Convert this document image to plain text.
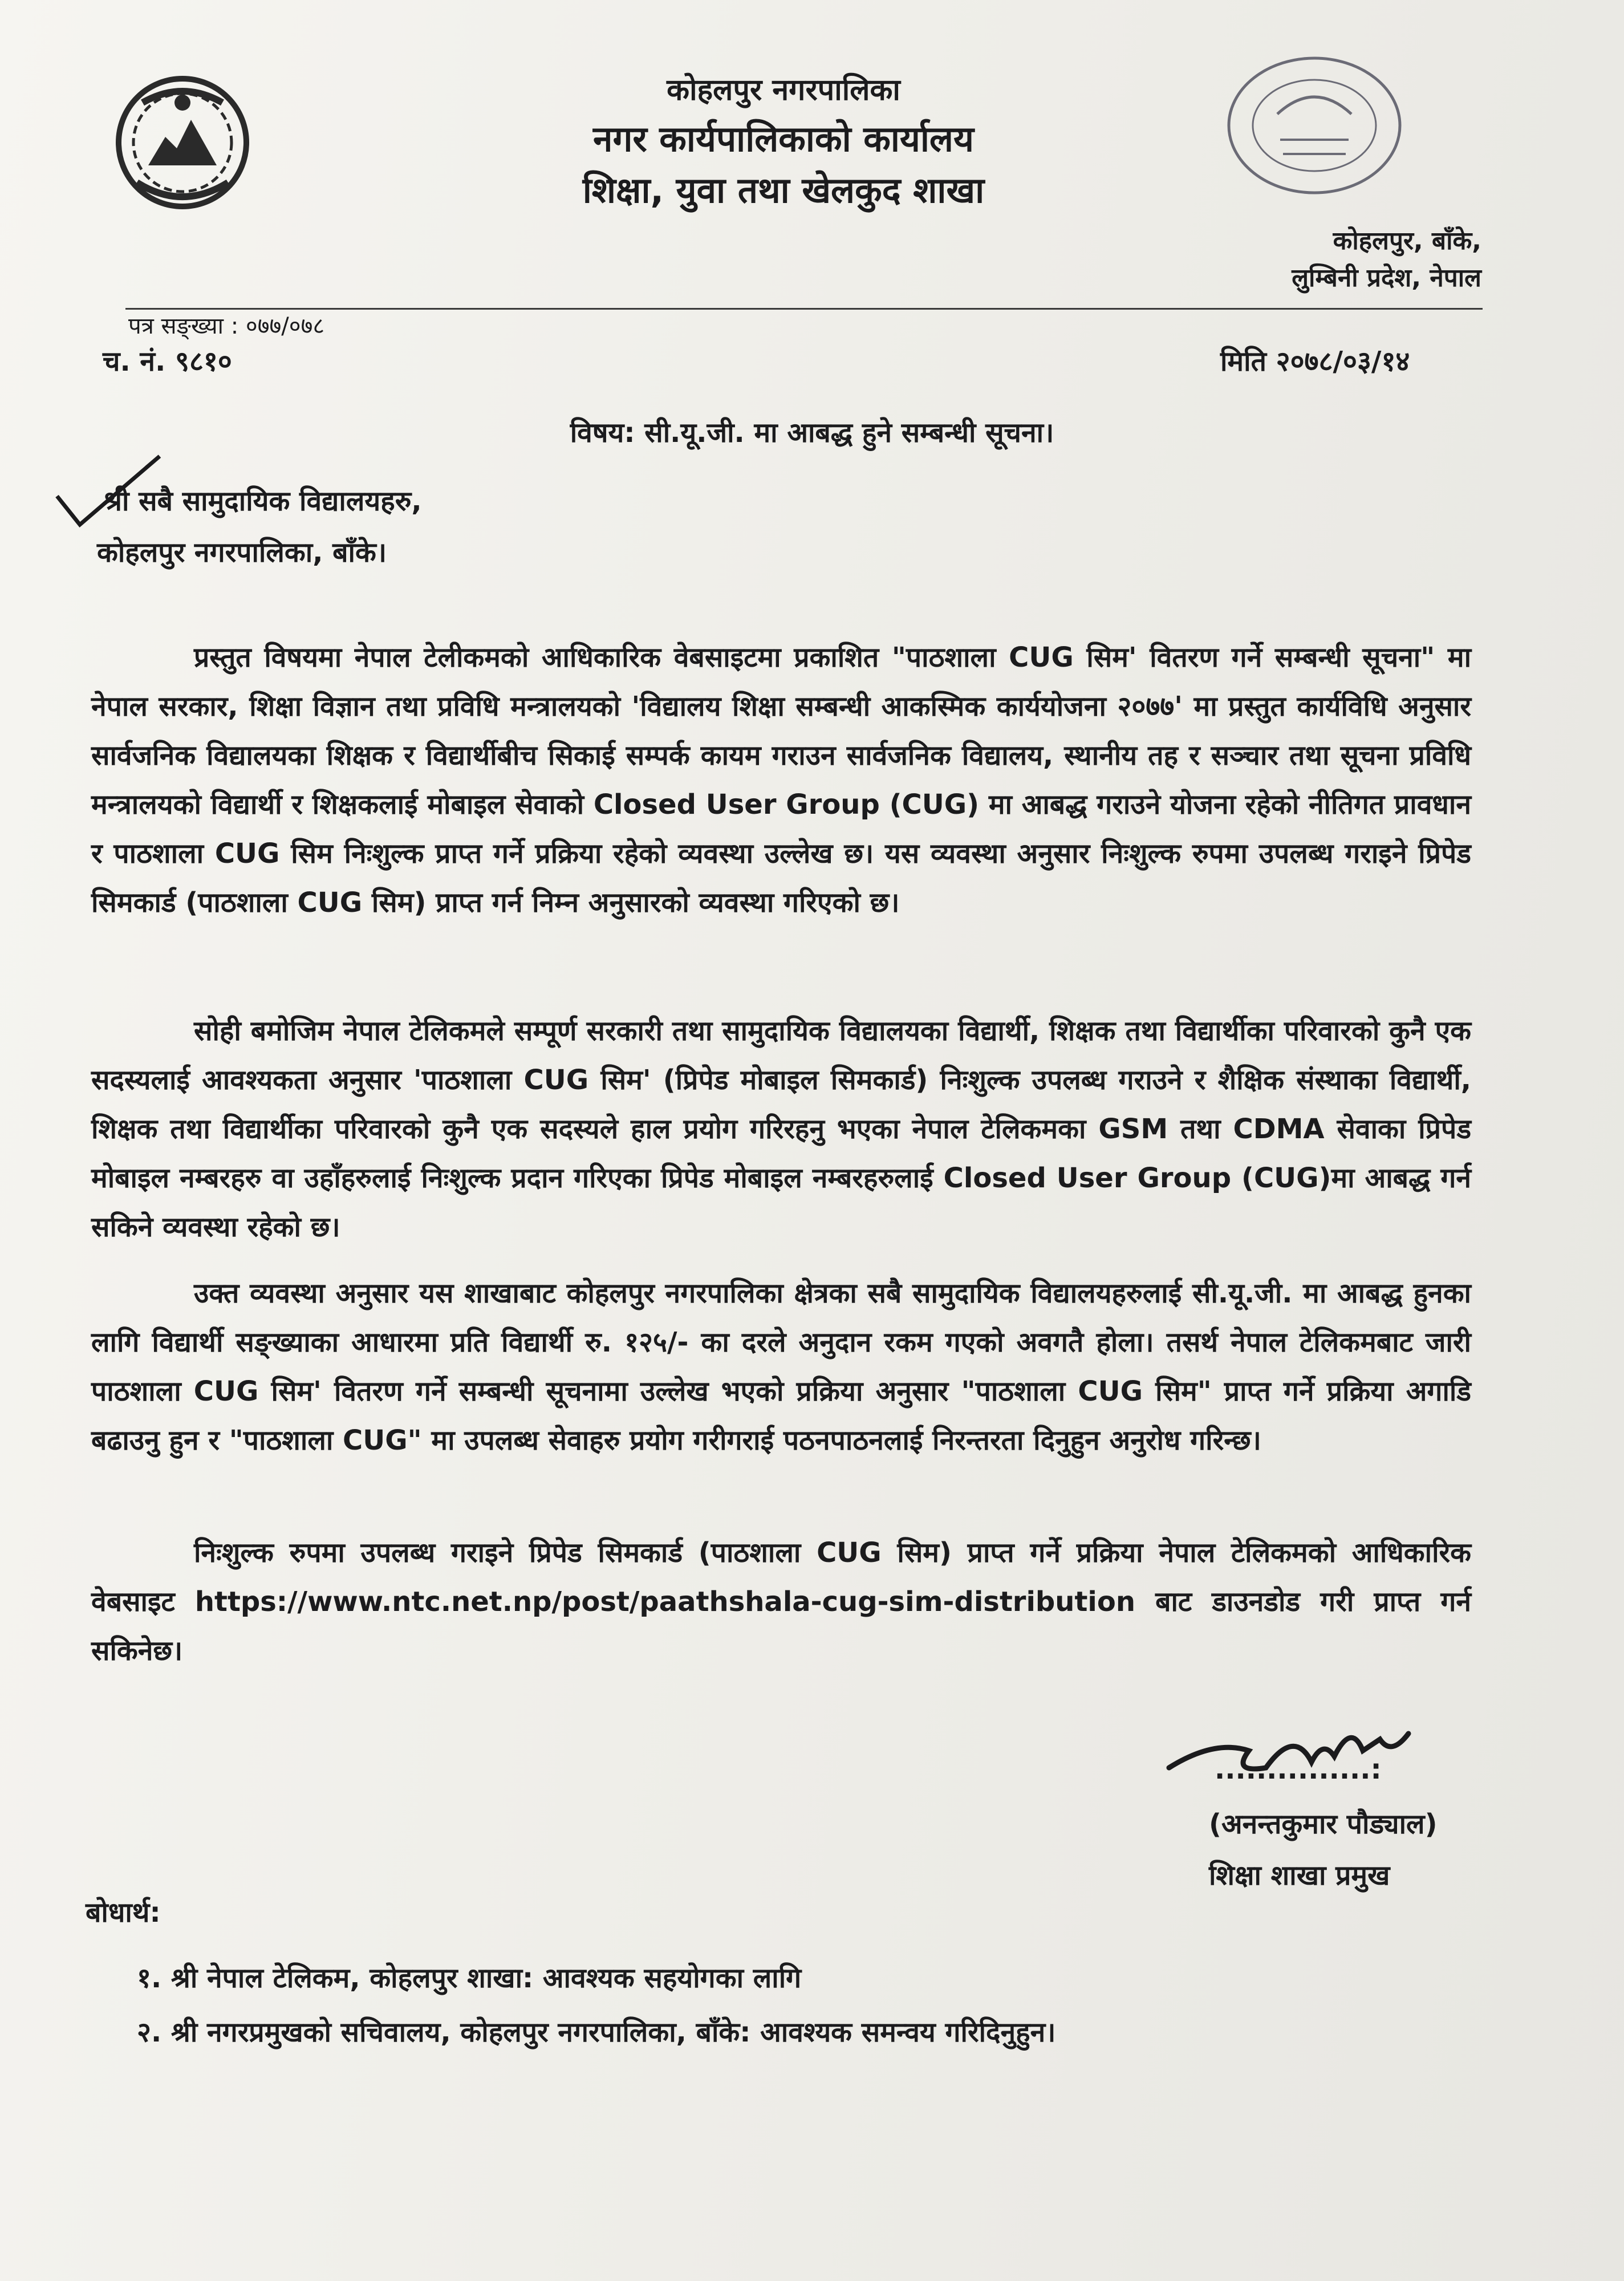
कोहलपुर नगरपालिका
नगर कार्यपालिकाको कार्यालय
शिक्षा, युवा तथा खेलकुद शाखा
कोहलपुर, बाँके,
लुम्बिनी प्रदेश, नेपाल
पत्र सङ्ख्या : ०७७/०७८
च. नं. ९८१०	मिति २०७८/०३/१४
विषय: सी.यू.जी. मा आबद्ध हुने सम्बन्धी सूचना।
श्री सबै सामुदायिक विद्यालयहरु,
कोहलपुर नगरपालिका, बाँके।

प्रस्तुत विषयमा नेपाल टेलीकमको आधिकारिक वेबसाइटमा प्रकाशित "पाठशाला CUG सिम' वितरण गर्ने सम्बन्धी सूचना" मा नेपाल सरकार, शिक्षा विज्ञान तथा प्रविधि मन्त्रालयको 'विद्यालय शिक्षा सम्बन्धी आकस्मिक कार्ययोजना २०७७' मा प्रस्तुत कार्यविधि अनुसार सार्वजनिक विद्यालयका शिक्षक र विद्यार्थीबीच सिकाई सम्पर्क कायम गराउन सार्वजनिक विद्यालय, स्थानीय तह र सञ्चार तथा सूचना प्रविधि मन्त्रालयको विद्यार्थी र शिक्षकलाई मोबाइल सेवाको Closed User Group (CUG) मा आबद्ध गराउने योजना रहेको नीतिगत प्रावधान र पाठशाला CUG सिम निःशुल्क प्राप्त गर्ने प्रक्रिया रहेको व्यवस्था उल्लेख छ। यस व्यवस्था अनुसार निःशुल्क रुपमा उपलब्ध गराइने प्रिपेड सिमकार्ड (पाठशाला CUG सिम) प्राप्त गर्न निम्न अनुसारको व्यवस्था गरिएको छ।

सोही बमोजिम नेपाल टेलिकमले सम्पूर्ण सरकारी तथा सामुदायिक विद्यालयका विद्यार्थी, शिक्षक तथा विद्यार्थीका परिवारको कुनै एक सदस्यलाई आवश्यकता अनुसार 'पाठशाला CUG सिम' (प्रिपेड मोबाइल सिमकार्ड) निःशुल्क उपलब्ध गराउने र शैक्षिक संस्थाका विद्यार्थी, शिक्षक तथा विद्यार्थीका परिवारको कुनै एक सदस्यले हाल प्रयोग गरिरहनु भएका नेपाल टेलिकमका GSM तथा CDMA सेवाका प्रिपेड मोबाइल नम्बरहरु वा उहाँहरुलाई निःशुल्क प्रदान गरिएका प्रिपेड मोबाइल नम्बरहरुलाई Closed User Group (CUG)मा आबद्ध गर्न सकिने व्यवस्था रहेको छ।

उक्त व्यवस्था अनुसार यस शाखाबाट कोहलपुर नगरपालिका क्षेत्रका सबै सामुदायिक विद्यालयहरुलाई सी.यू.जी. मा आबद्ध हुनका लागि विद्यार्थी सङ्ख्याका आधारमा प्रति विद्यार्थी रु. १२५/- का दरले अनुदान रकम गएको अवगतै होला। तसर्थ नेपाल टेलिकमबाट जारी पाठशाला CUG सिम' वितरण गर्ने सम्बन्धी सूचनामा उल्लेख भएको प्रक्रिया अनुसार "पाठशाला CUG सिम" प्राप्त गर्ने प्रक्रिया अगाडि बढाउनु हुन र "पाठशाला CUG" मा उपलब्ध सेवाहरु प्रयोग गरीगराई पठनपाठनलाई निरन्तरता दिनुहुन अनुरोध गरिन्छ।

निःशुल्क रुपमा उपलब्ध गराइने प्रिपेड सिमकार्ड (पाठशाला CUG सिम) प्राप्त गर्ने प्रक्रिया नेपाल टेलिकमको आधिकारिक वेबसाइट https://www.ntc.net.np/post/paathshala-cug-sim-distribution बाट डाउनडोड गरी प्राप्त गर्न सकिनेछ।

...............:
(अनन्तकुमार पौड्याल)
शिक्षा शाखा प्रमुख
बोधार्थ:
१. श्री नेपाल टेलिकम, कोहलपुर शाखा: आवश्यक सहयोगका लागि
२. श्री नगरप्रमुखको सचिवालय, कोहलपुर नगरपालिका, बाँके: आवश्यक समन्वय गरिदिनुहुन।
